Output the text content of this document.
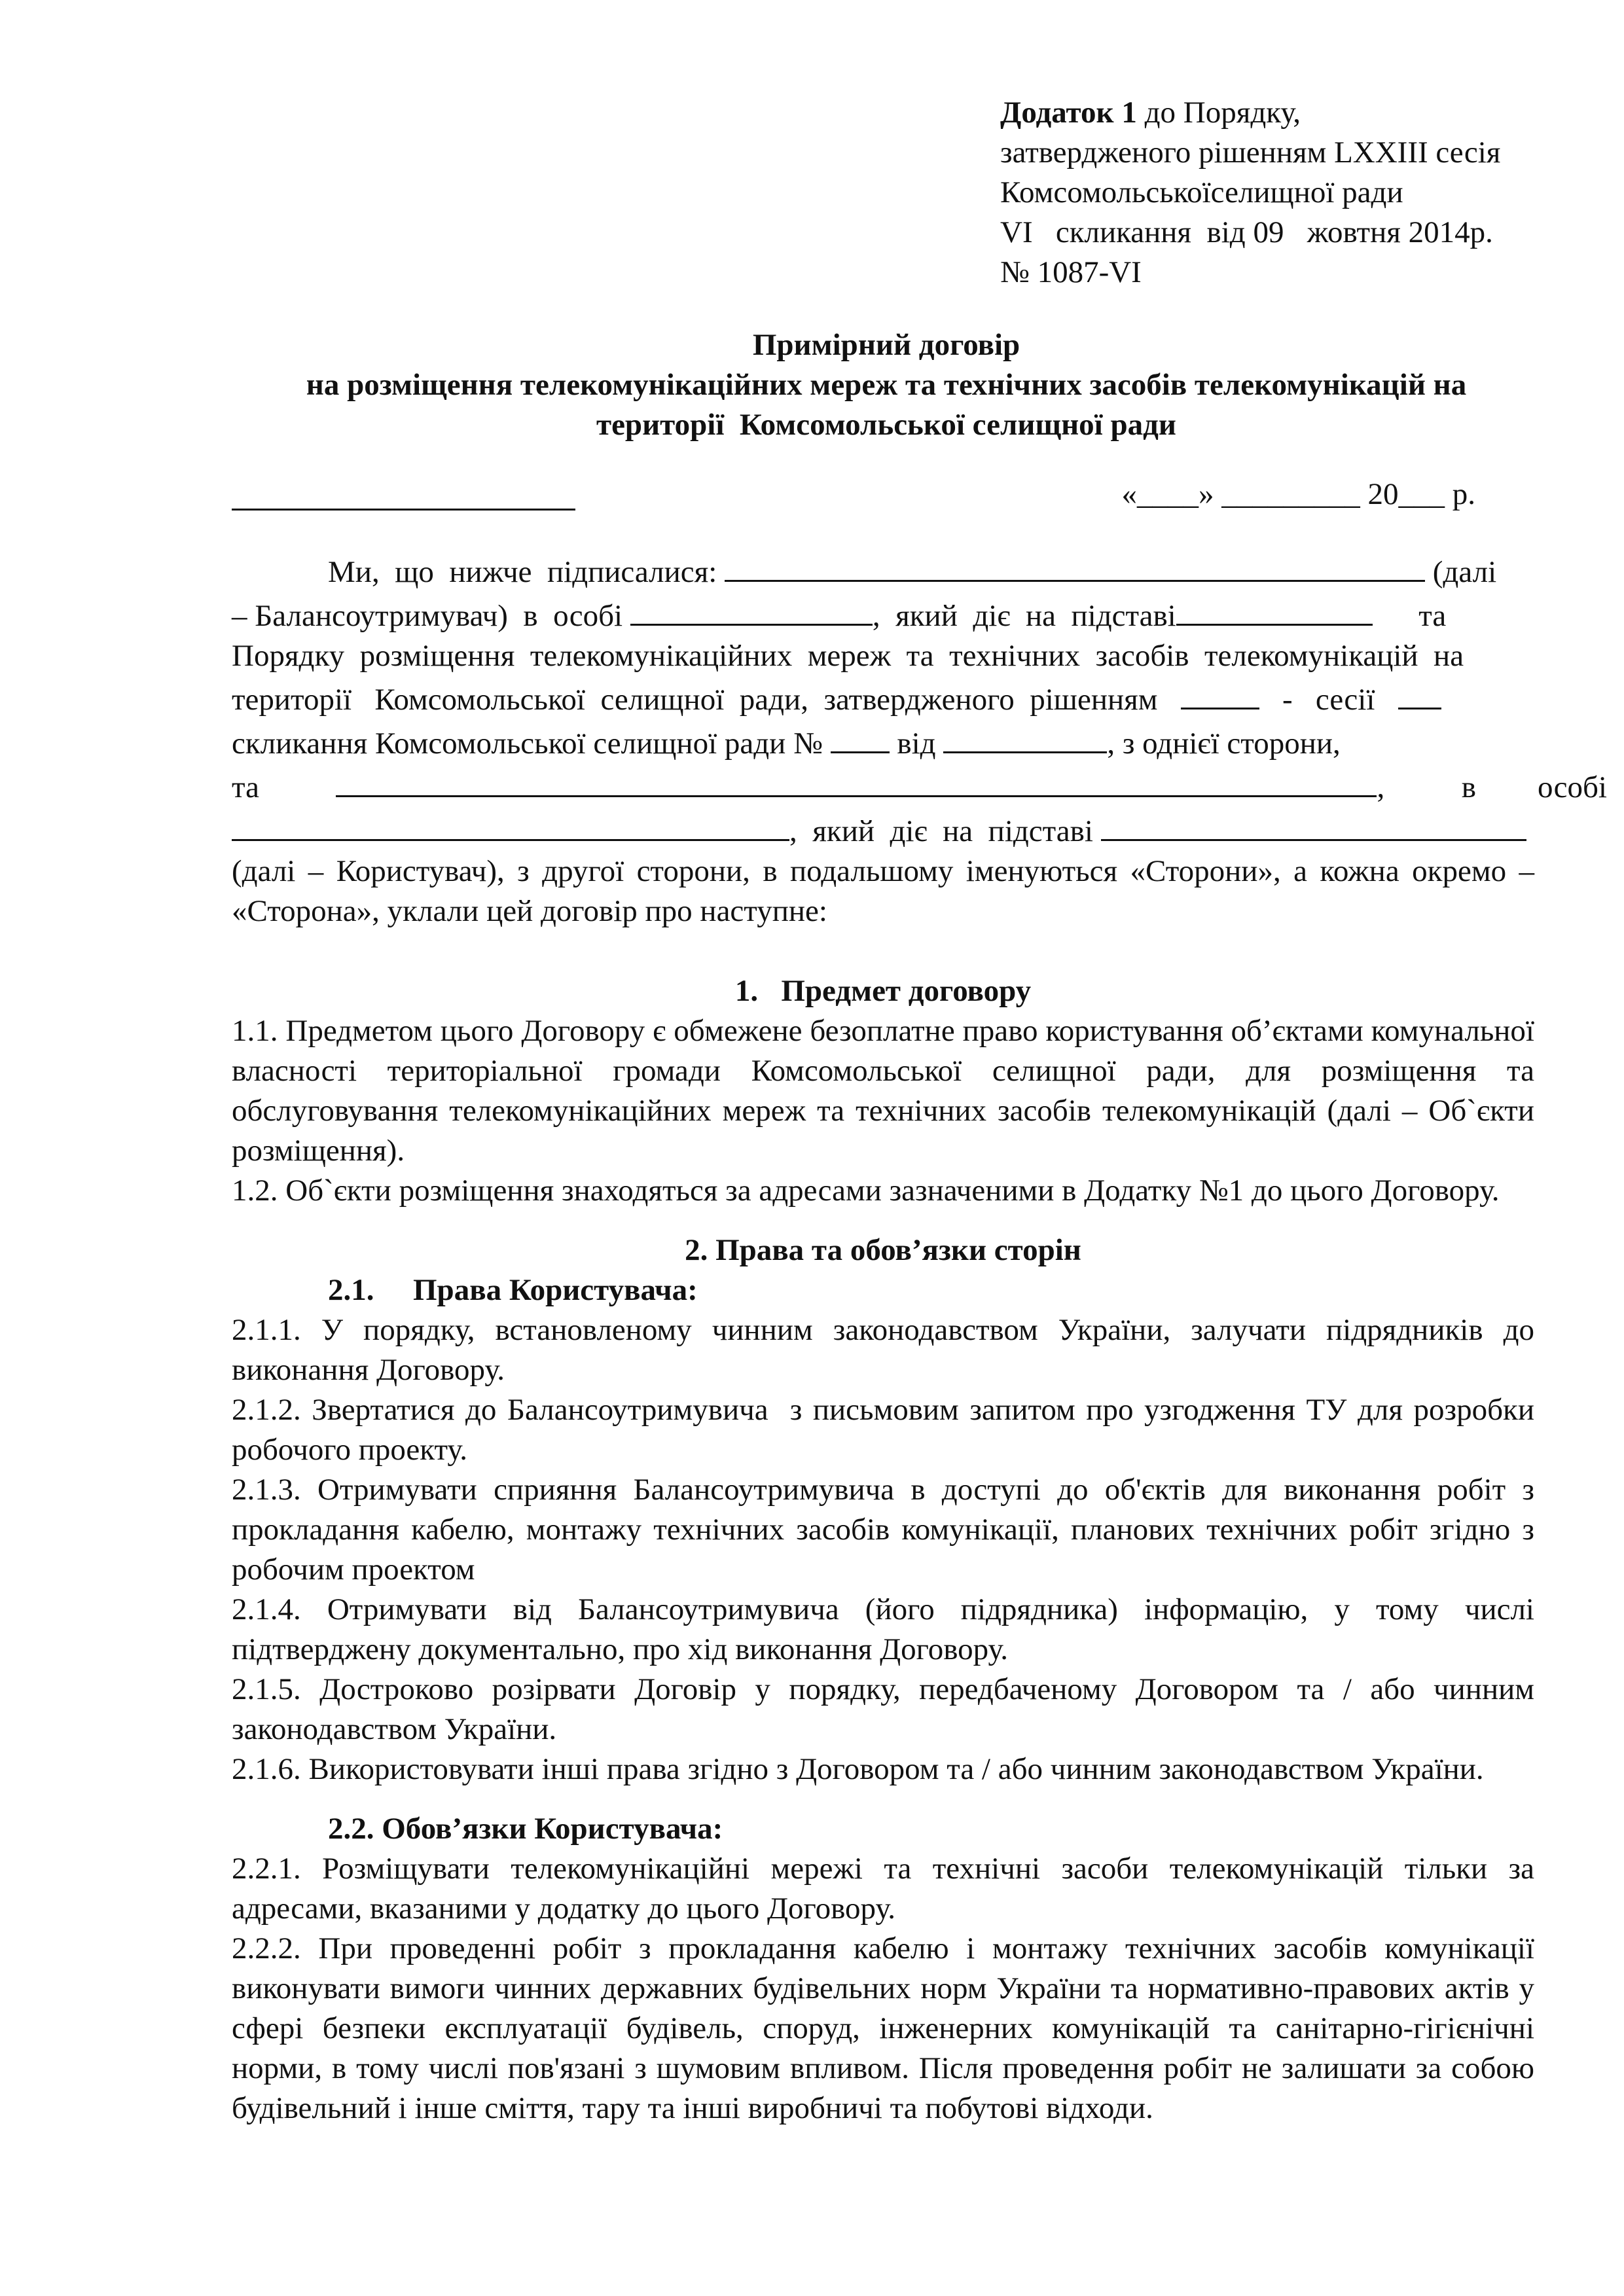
Додаток 1 до Порядку,
затвердженого рішенням LXXIII сесія
Комсомольськоїселищної ради
VI   скликання  від 09   жовтня 2014р.
№ 1087-VI
Примірний договір
на розміщення телекомунікаційних мереж та технічних засобів телекомунікацій на
території  Комсомольської селищної ради
«____» _________ 20___ р.

Ми,  що  нижче  підписалися:	(далі

– Балансоутримувач)  в  особі	,  який  діє  на  підставі	та

Порядку  розміщення  телекомунікаційних  мереж  та  технічних  засобів  телекомунікацій  на

території   Комсомольської  селищної  ради,  затвердженого  рішенням	-   сесії

скликання Комсомольської селищної ради № від	, з однієї сторони,

та	,	в особі

,  який  діє  на  підставі

(далі – Користувач), з другої сторони, в подальшому іменуються «Сторони», а кожна окремо – «Сторона», уклали цей договір про наступне:

1.   Предмет договору

1.1. Предметом цього Договору є обмежене безоплатне право користування об’єктами комунальної власності територіальної громади Комсомольської селищної ради, для розміщення та обслуговування телекомунікаційних мереж та технічних засобів телекомунікацій (далі – Об`єкти розміщення).

1.2. Об`єкти розміщення знаходяться за адресами зазначеними в Додатку №1 до цього Договору.

2. Права та обов’язки сторін

2.1. Права Користувача:

2.1.1. У порядку, встановленому чинним законодавством України, залучати підрядників до виконання Договору.

2.1.2. Звертатися до Балансоутримувича  з письмовим запитом про узгодження ТУ для розробки робочого проекту.

2.1.3. Отримувати сприяння Балансоутримувича в доступі до об'єктів для виконання робіт з прокладання кабелю, монтажу технічних засобів комунікації, планових технічних робіт згідно з робочим проектом

2.1.4. Отримувати від Балансоутримувича (його підрядника) інформацію, у тому числі підтверджену документально, про хід виконання Договору.

2.1.5. Достроково розірвати Договір у порядку, передбаченому Договором та / або чинним законодавством України.

2.1.6. Використовувати інші права згідно з Договором та / або чинним законодавством України.

2.2. Обов’язки Користувача:

2.2.1. Розміщувати телекомунікаційні мережі та технічні засоби телекомунікацій тільки за адресами, вказаними у додатку до цього Договору.

2.2.2. При проведенні робіт з прокладання кабелю і монтажу технічних засобів комунікації виконувати вимоги чинних державних будівельних норм України та нормативно-правових актів у сфері безпеки експлуатації будівель, споруд, інженерних комунікацій та санітарно-гігієнічні норми, в тому числі пов'язані з шумовим впливом. Після проведення робіт не залишати за собою будівельний і інше сміття, тару та інші виробничі та побутові відходи.
